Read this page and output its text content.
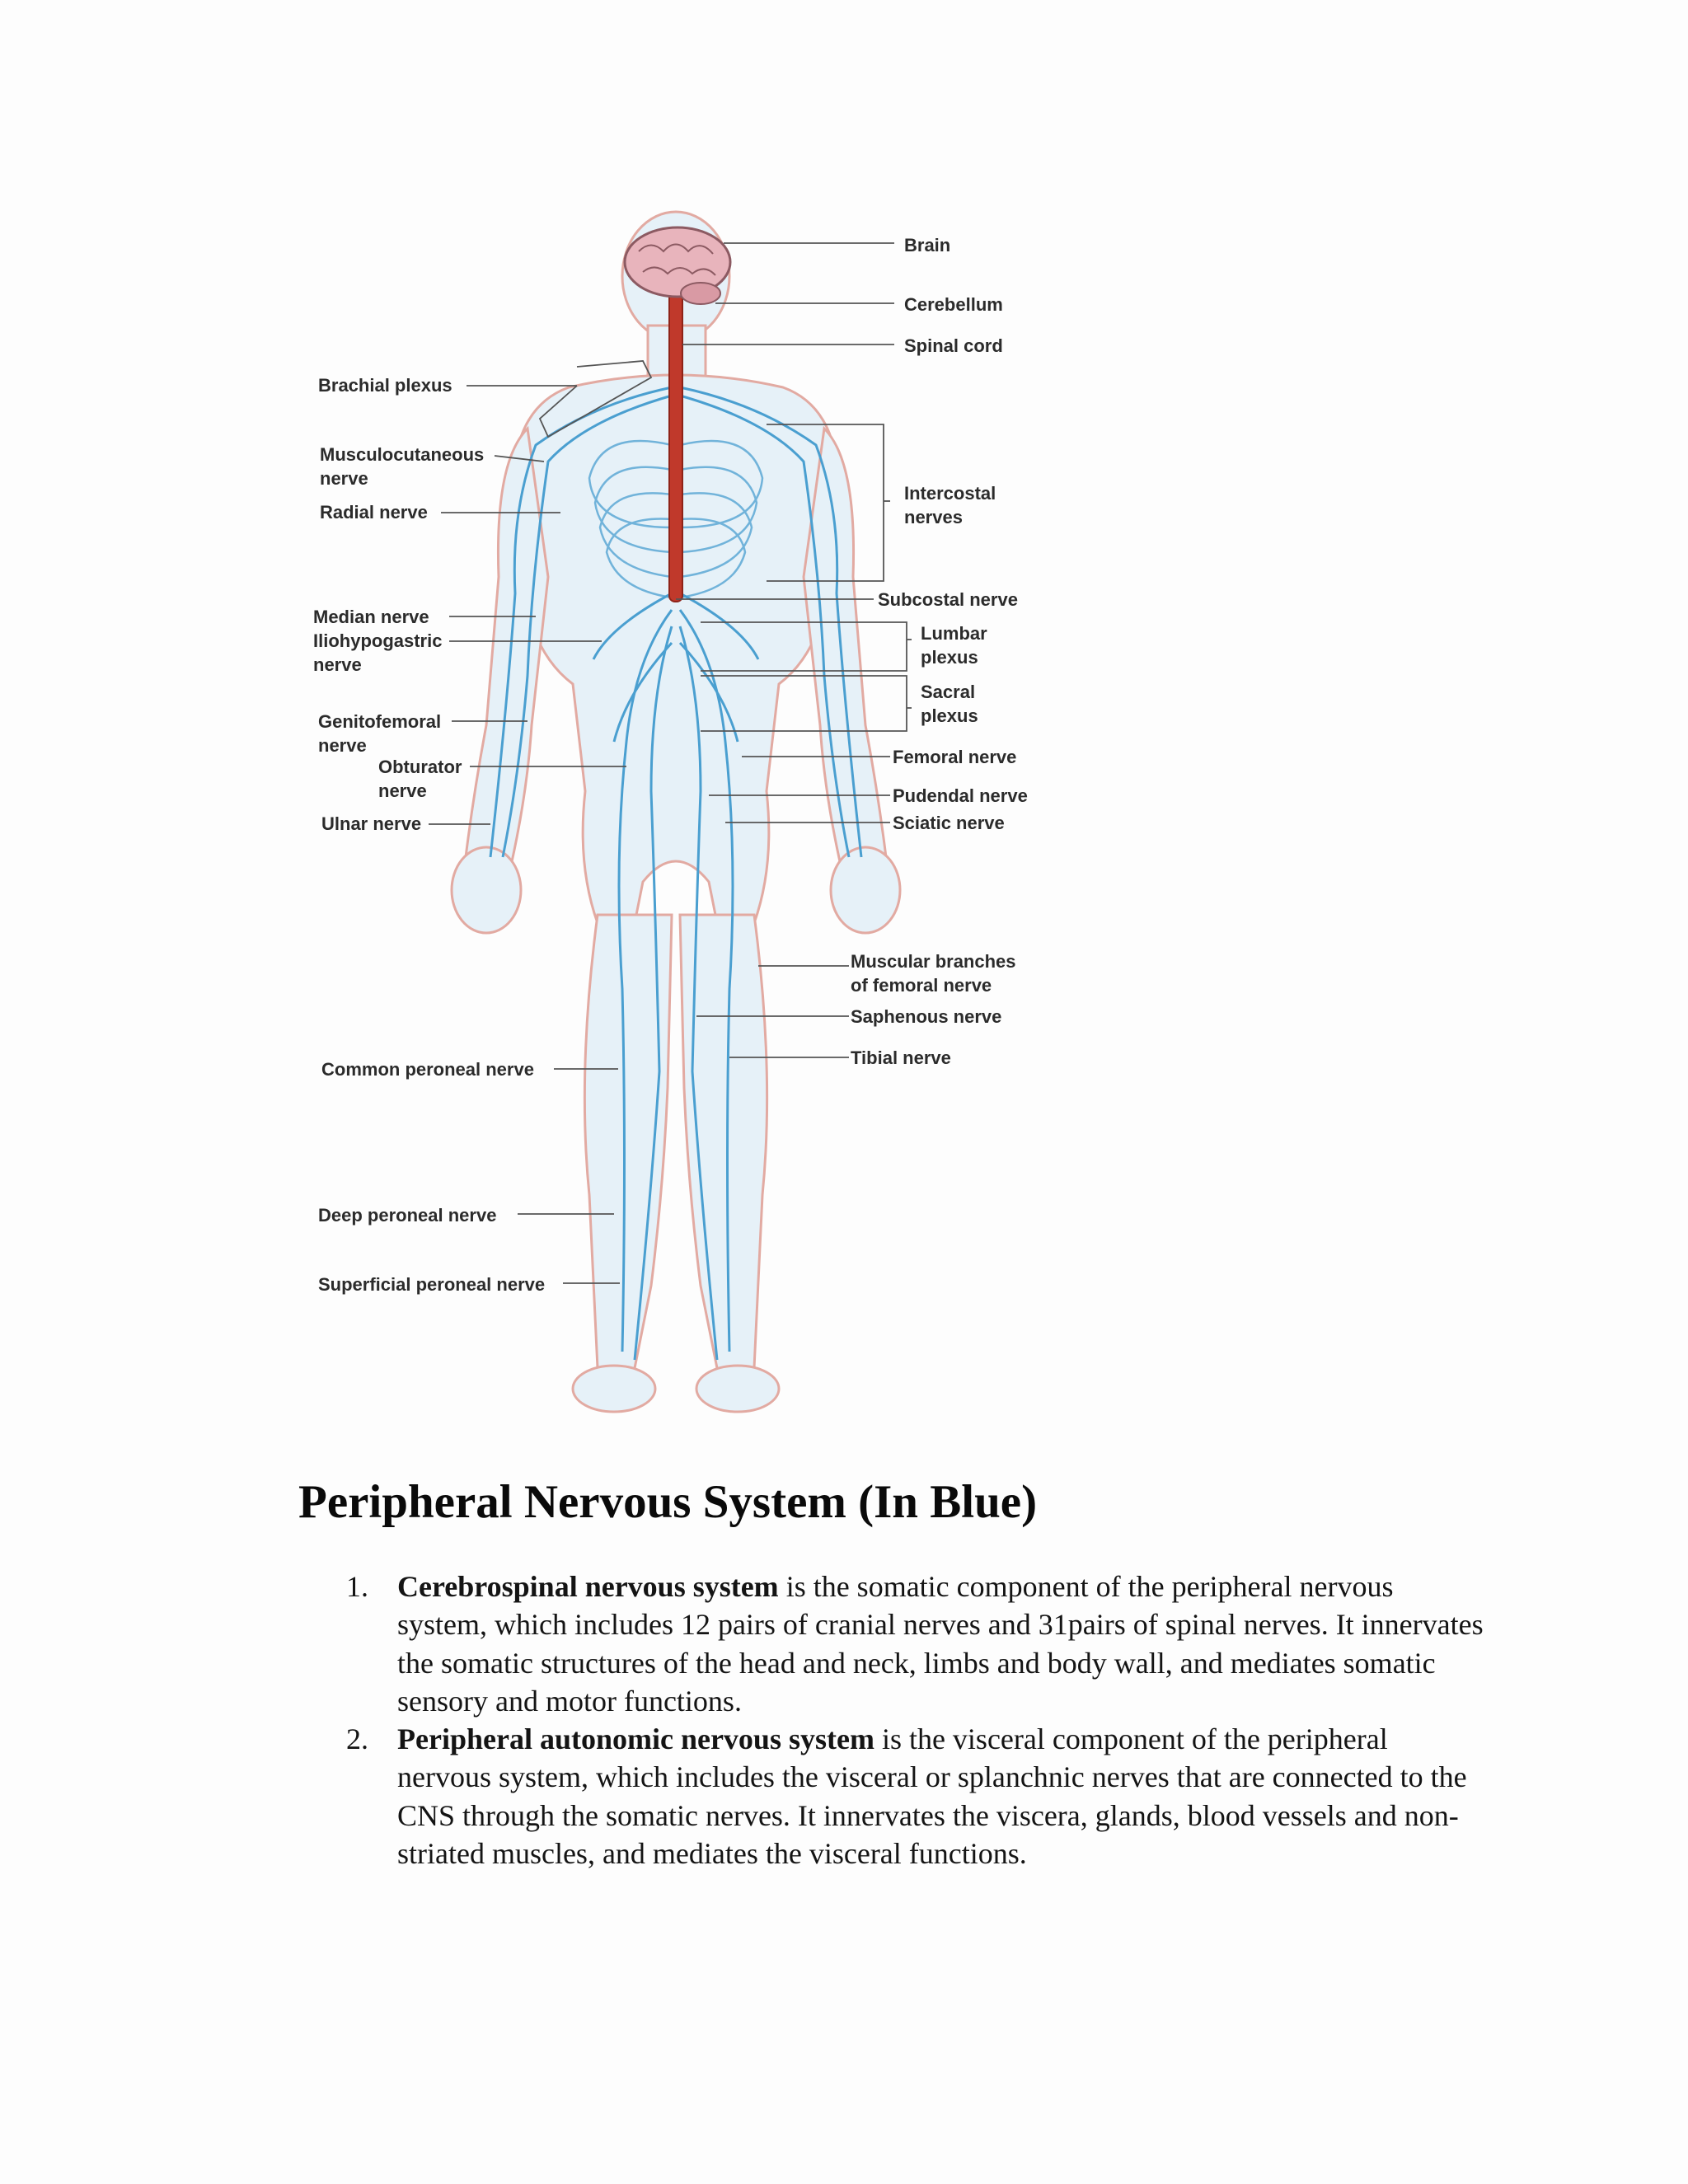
Brain
Cerebellum
Spinal cord
Brachial plexus
Musculocutaneous
nerve
Radial nerve
Intercostal
nerves
Subcostal nerve
Median nerve
Iliohypogastric
nerve
Lumbar
plexus
Sacral
plexus
Genitofemoral
nerve
Obturator
nerve
Femoral nerve
Pudendal nerve
Ulnar nerve	Sciatic nerve
Muscular branches
of femoral nerve
Saphenous nerve
Tibial nerve
Common peroneal nerve
Deep peroneal nerve
Superficial peroneal nerve
Peripheral Nervous System (In Blue)
1. Cerebrospinal nervous system is the somatic component of the peripheral nervous system, which includes 12 pairs of cranial nerves and 31pairs of spinal nerves. It innervates the somatic structures of the head and neck, limbs and body wall, and mediates somatic sensory and motor functions.
2. Peripheral autonomic nervous system is the visceral component of the peripheral nervous system, which includes the visceral or splanchnic nerves that are connected to the CNS through the somatic nerves. It innervates the viscera, glands, blood vessels and non-striated muscles, and mediates the visceral functions.
